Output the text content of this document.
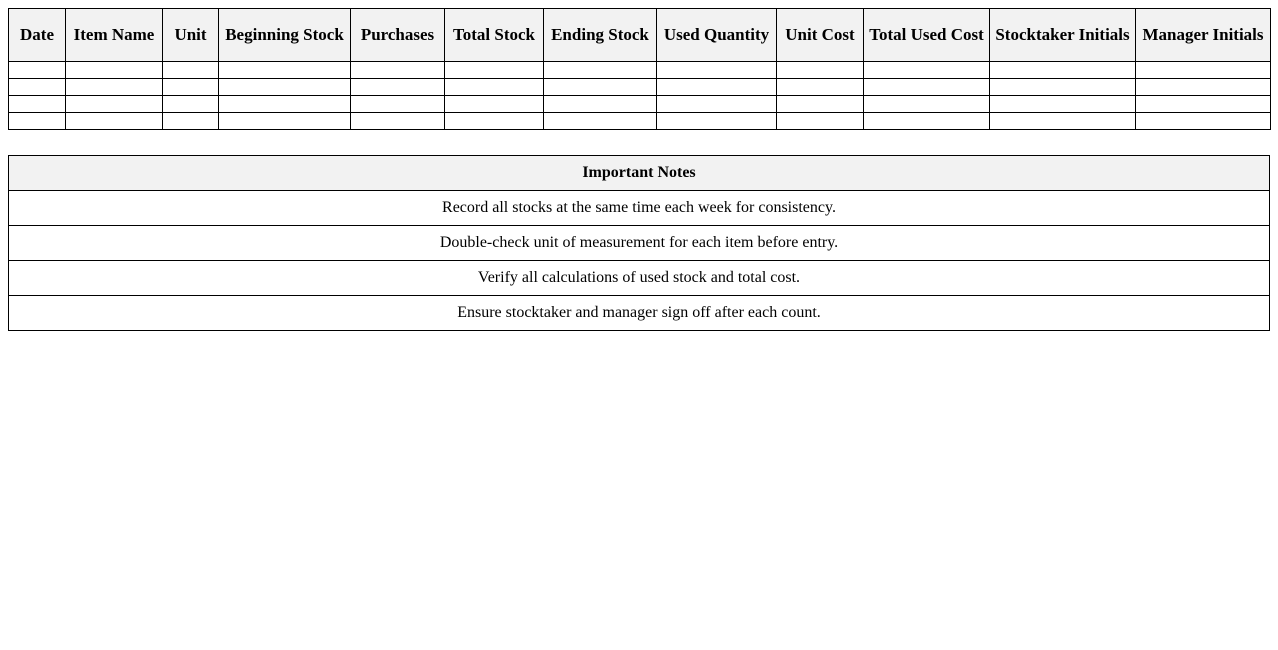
Date	Item Name	Unit	Beginning Stock	Purchases	Total Stock	Ending Stock	Used Quantity	Unit Cost	Total Used Cost	Stocktaker Initials	Manager Initials

Important Notes
Record all stocks at the same time each week for consistency.
Double-check unit of measurement for each item before entry.
Verify all calculations of used stock and total cost.
Ensure stocktaker and manager sign off after each count.
